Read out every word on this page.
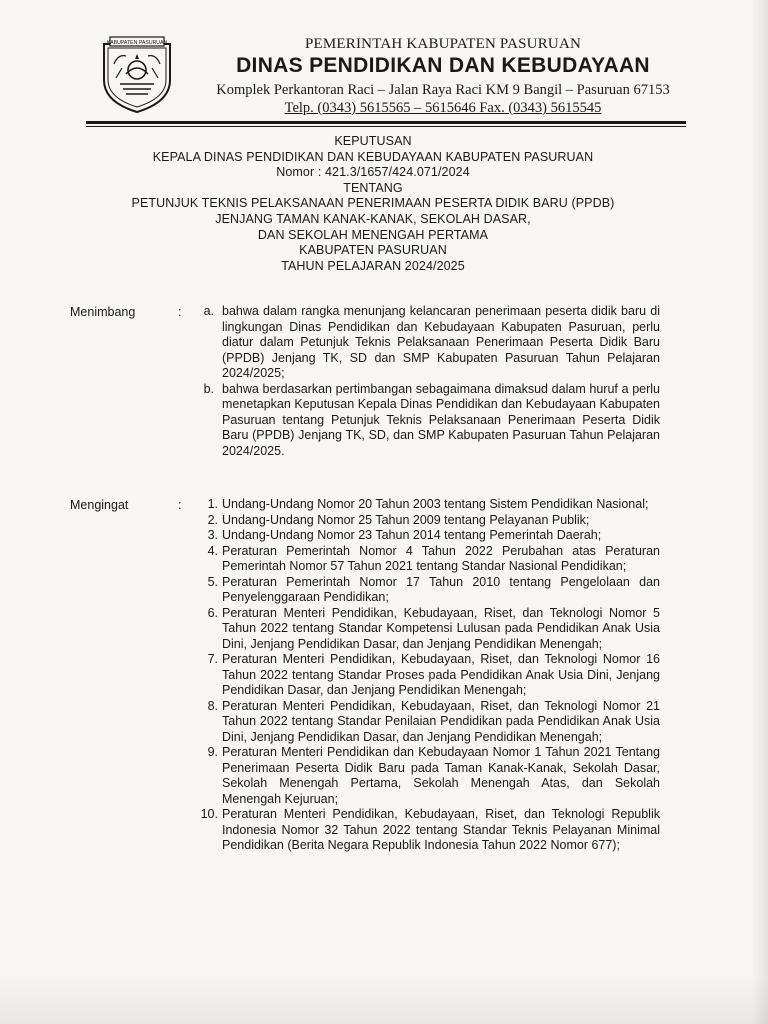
KABUPATEN PASURUAN	PEMERINTAH KABUPATEN PASURUAN
DINAS PENDIDIKAN DAN KEBUDAYAAN
Komplek Perkantoran Raci – Jalan Raya Raci KM 9 Bangil – Pasuruan 67153
Telp. (0343) 5615565 – 5615646 Fax. (0343) 5615545
KEPUTUSAN
KEPALA DINAS PENDIDIKAN DAN KEBUDAYAAN KABUPATEN PASURUAN
Nomor : 421.3/1657/424.071/2024
TENTANG
PETUNJUK TEKNIS PELAKSANAAN PENERIMAAN PESERTA DIDIK BARU (PPDB)
JENJANG TAMAN KANAK-KANAK, SEKOLAH DASAR,
DAN SEKOLAH MENENGAH PERTAMA
KABUPATEN PASURUAN
TAHUN PELAJARAN 2024/2025
Menimbang	:	a. bahwa dalam rangka menunjang kelancaran penerimaan peserta didik baru di lingkungan Dinas Pendidikan dan Kebudayaan Kabupaten Pasuruan, perlu diatur dalam Petunjuk Teknis Pelaksanaan Penerimaan Peserta Didik Baru (PPDB) Jenjang TK, SD dan SMP Kabupaten Pasuruan Tahun Pelajaran 2024/2025;
b. bahwa berdasarkan pertimbangan sebagaimana dimaksud dalam huruf a perlu menetapkan Keputusan Kepala Dinas Pendidikan dan Kebudayaan Kabupaten Pasuruan tentang Petunjuk Teknis Pelaksanaan Penerimaan Peserta Didik Baru (PPDB) Jenjang TK, SD, dan SMP Kabupaten Pasuruan Tahun Pelajaran 2024/2025.
Mengingat	:	1. Undang-Undang Nomor 20 Tahun 2003 tentang Sistem Pendidikan Nasional;
2. Undang-Undang Nomor 25 Tahun 2009 tentang Pelayanan Publik;
3. Undang-Undang Nomor 23 Tahun 2014 tentang Pemerintah Daerah;
4. Peraturan Pemerintah Nomor 4 Tahun 2022 Perubahan atas Peraturan Pemerintah Nomor 57 Tahun 2021 tentang Standar Nasional Pendidikan;
5. Peraturan Pemerintah Nomor 17 Tahun 2010 tentang Pengelolaan dan Penyelenggaraan Pendidikan;
6. Peraturan Menteri Pendidikan, Kebudayaan, Riset, dan Teknologi Nomor 5 Tahun 2022 tentang Standar Kompetensi Lulusan pada Pendidikan Anak Usia Dini, Jenjang Pendidikan Dasar, dan Jenjang Pendidikan Menengah;
7. Peraturan Menteri Pendidikan, Kebudayaan, Riset, dan Teknologi Nomor 16 Tahun 2022 tentang Standar Proses pada Pendidikan Anak Usia Dini, Jenjang Pendidikan Dasar, dan Jenjang Pendidikan Menengah;
8. Peraturan Menteri Pendidikan, Kebudayaan, Riset, dan Teknologi Nomor 21 Tahun 2022 tentang Standar Penilaian Pendidikan pada Pendidikan Anak Usia Dini, Jenjang Pendidikan Dasar, dan Jenjang Pendidikan Menengah;
9. Peraturan Menteri Pendidikan dan Kebudayaan Nomor 1 Tahun 2021 Tentang Penerimaan Peserta Didik Baru pada Taman Kanak-Kanak, Sekolah Dasar, Sekolah Menengah Pertama, Sekolah Menengah Atas, dan Sekolah Menengah Kejuruan;
10. Peraturan Menteri Pendidikan, Kebudayaan, Riset, dan Teknologi Republik Indonesia Nomor 32 Tahun 2022 tentang Standar Teknis Pelayanan Minimal Pendidikan (Berita Negara Republik Indonesia Tahun 2022 Nomor 677);
